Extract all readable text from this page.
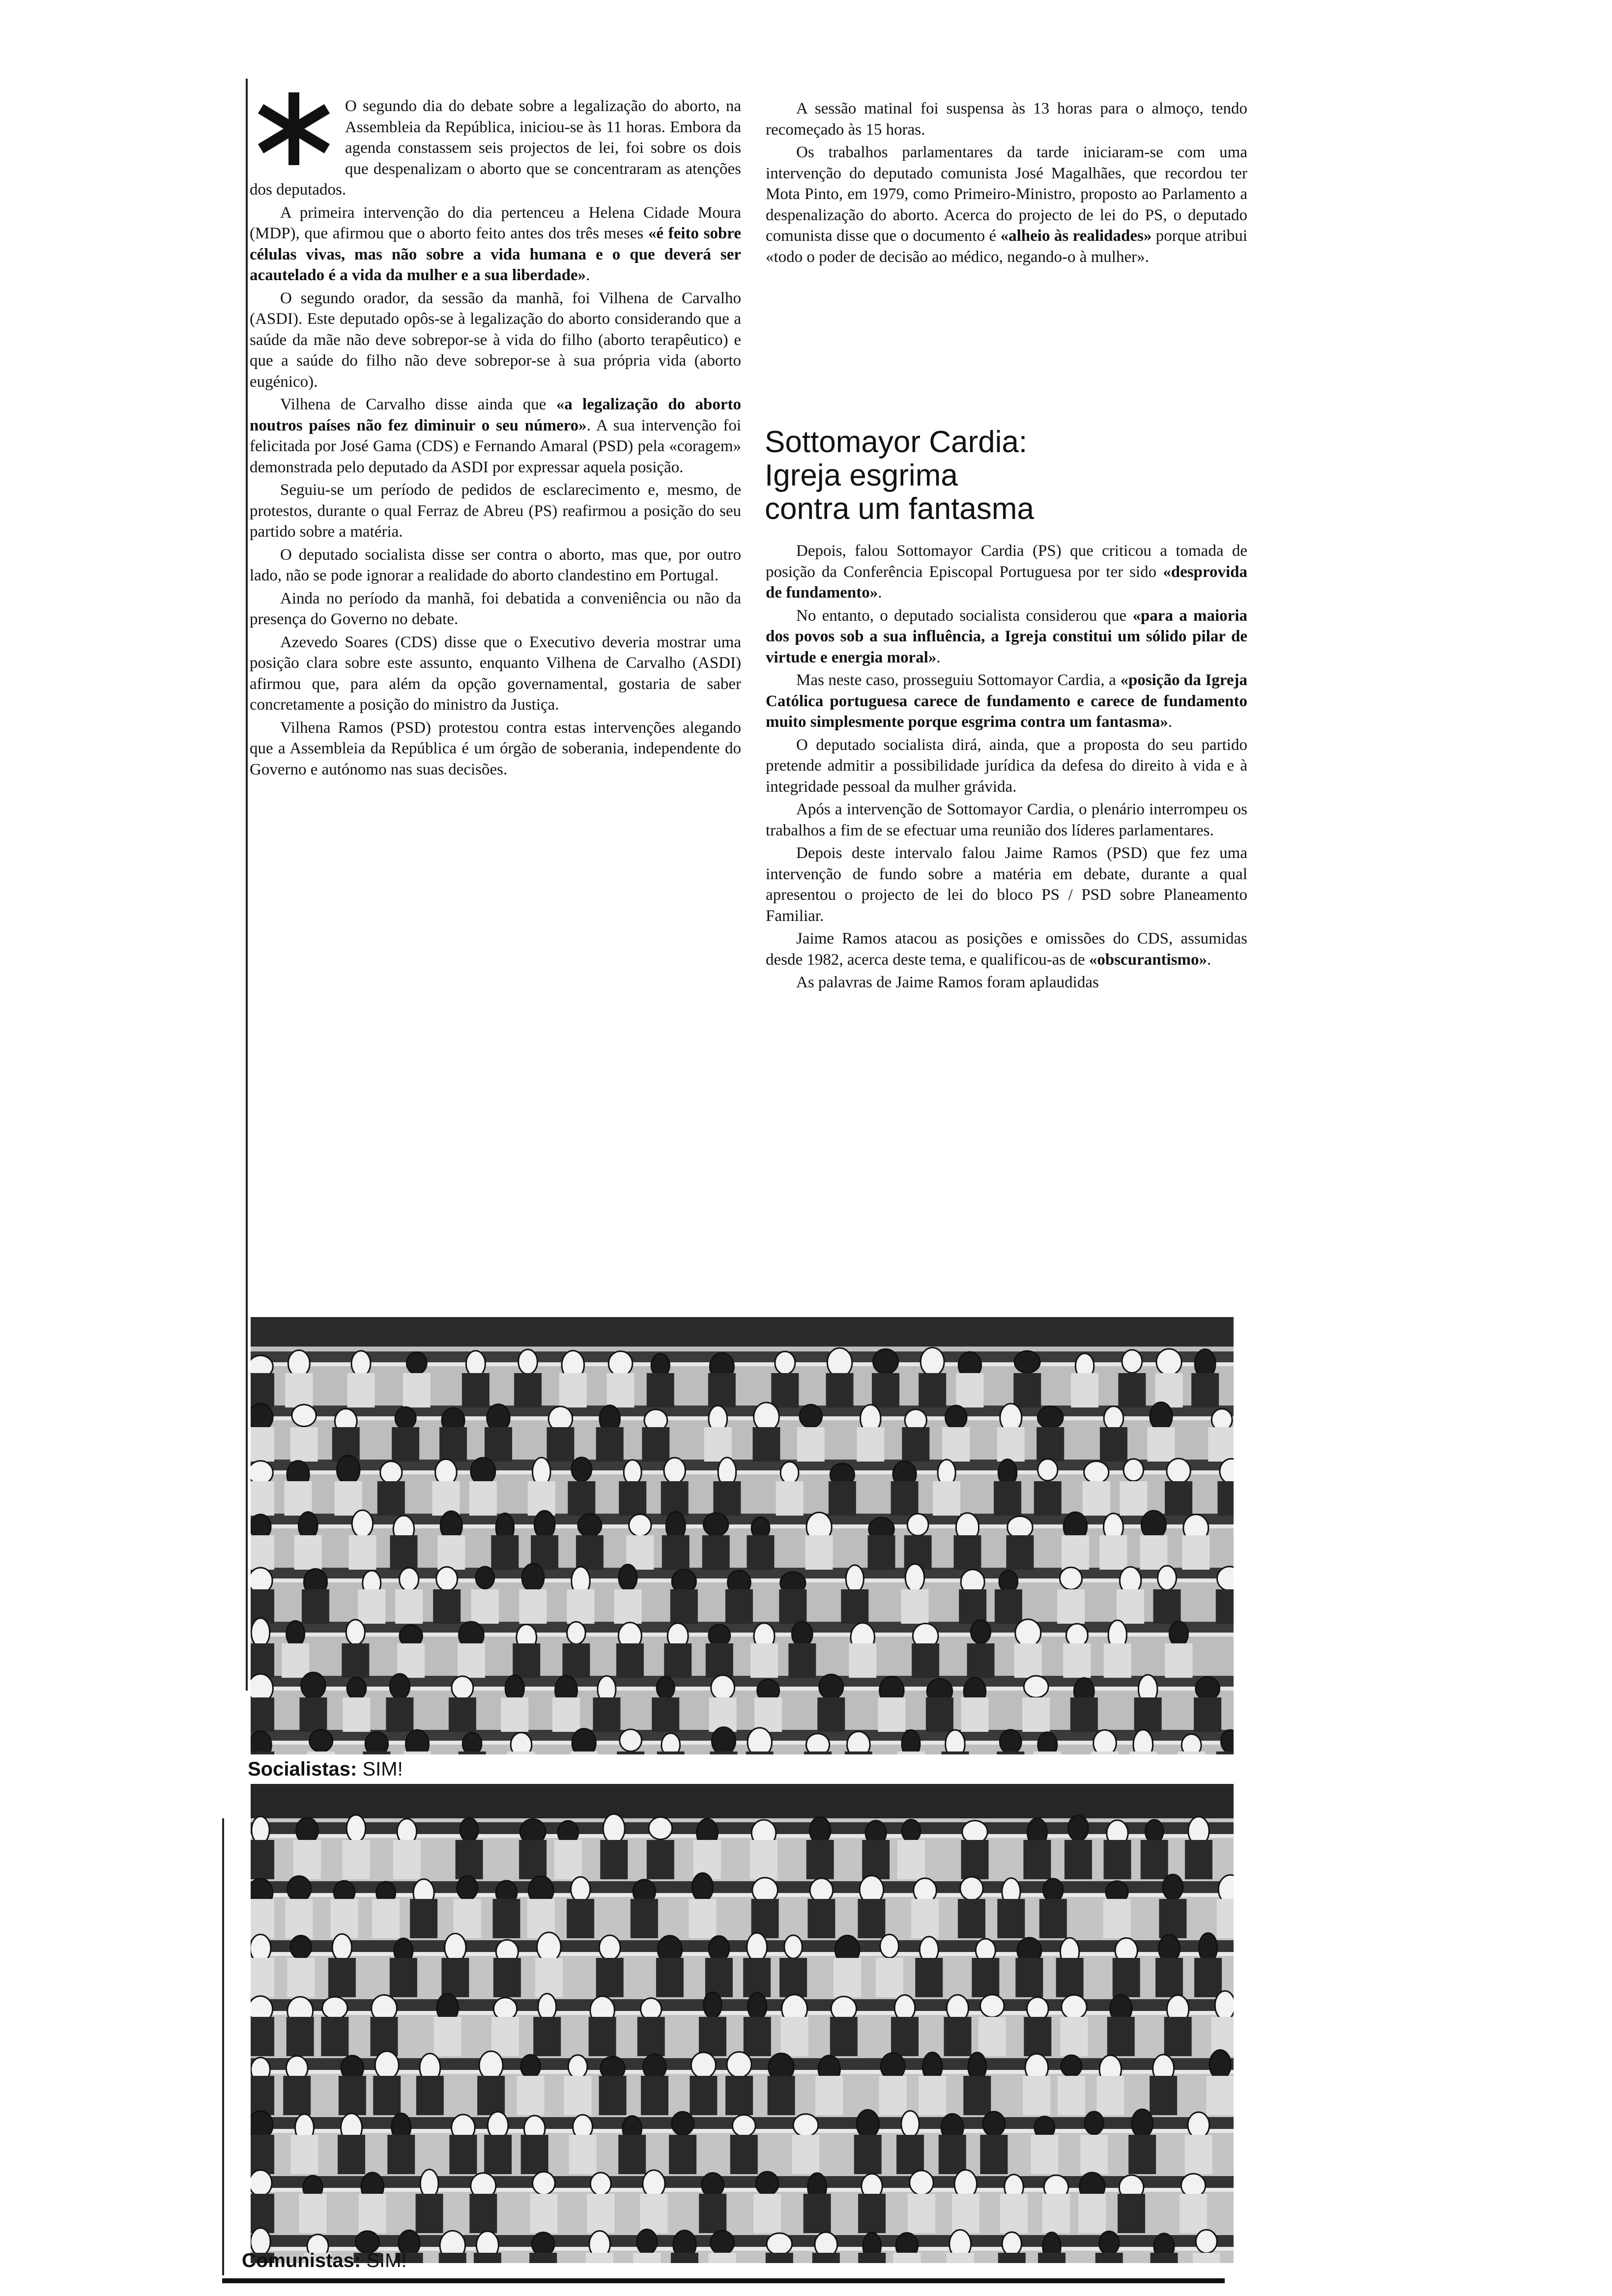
O segundo dia do debate sobre a legalização do aborto, na Assembleia da República, iniciou-se às 11 horas. Embora da agenda constassem seis projectos de lei, foi sobre os dois que despenalizam o aborto que se concentraram as atenções dos deputados.

A primeira intervenção do dia pertenceu a Helena Cidade Moura (MDP), que afirmou que o aborto feito antes dos três meses «é feito sobre células vivas, mas não sobre a vida humana e o que deverá ser acautelado é a vida da mulher e a sua liberdade».

O segundo orador, da sessão da manhã, foi Vilhena de Carvalho (ASDI). Este deputado opôs-se à legalização do aborto considerando que a saúde da mãe não deve sobrepor-se à vida do filho (aborto terapêutico) e que a saúde do filho não deve sobrepor-se à sua própria vida (aborto eugénico).

Vilhena de Carvalho disse ainda que «a legalização do aborto noutros países não fez diminuir o seu número». A sua intervenção foi felicitada por José Gama (CDS) e Fernando Amaral (PSD) pela «coragem» demonstrada pelo deputado da ASDI por expressar aquela posição.

Seguiu-se um período de pedidos de esclarecimento e, mesmo, de protestos, durante o qual Ferraz de Abreu (PS) reafirmou a posição do seu partido sobre a matéria.

O deputado socialista disse ser contra o aborto, mas que, por outro lado, não se pode ignorar a realidade do aborto clandestino em Portugal.

Ainda no período da manhã, foi debatida a conveniência ou não da presença do Governo no debate.

Azevedo Soares (CDS) disse que o Executivo deveria mostrar uma posição clara sobre este assunto, enquanto Vilhena de Carvalho (ASDI) afirmou que, para além da opção governamental, gostaria de saber concretamente a posição do ministro da Justiça.

Vilhena Ramos (PSD) protestou contra estas intervenções alegando que a Assembleia da República é um órgão de soberania, independente do Governo e autónomo nas suas decisões.

A sessão matinal foi suspensa às 13 horas para o almoço, tendo recomeçado às 15 horas.

Os trabalhos parlamentares da tarde iniciaram-se com uma intervenção do deputado comunista José Magalhães, que recordou ter Mota Pinto, em 1979, como Primeiro-Ministro, proposto ao Parlamento a despenalização do aborto. Acerca do projecto de lei do PS, o deputado comunista disse que o documento é «alheio às realidades» porque atribui «todo o poder de decisão ao médico, negando-o à mulher».

Sottomayor Cardia:
Igreja esgrima
contra um fantasma

Depois, falou Sottomayor Cardia (PS) que criticou a tomada de posição da Conferência Episcopal Portuguesa por ter sido «desprovida de fundamento».

No entanto, o deputado socialista considerou que «para a maioria dos povos sob a sua influência, a Igreja constitui um sólido pilar de virtude e energia moral».

Mas neste caso, prosseguiu Sottomayor Cardia, a «posição da Igreja Católica portuguesa carece de fundamento e carece de fundamento muito simplesmente porque esgrima contra um fantasma».

O deputado socialista dirá, ainda, que a proposta do seu partido pretende admitir a possibilidade jurídica da defesa do direito à vida e à integridade pessoal da mulher grávida.

Após a intervenção de Sottomayor Cardia, o plenário interrompeu os trabalhos a fim de se efectuar uma reunião dos líderes parlamentares.

Depois deste intervalo falou Jaime Ramos (PSD) que fez uma intervenção de fundo sobre a matéria em debate, durante a qual apresentou o projecto de lei do bloco PS / PSD sobre Planeamento Familiar.

Jaime Ramos atacou as posições e omissões do CDS, assumidas desde 1982, acerca deste tema, e qualificou-as de «obscurantismo».

As palavras de Jaime Ramos foram aplaudidas

Socialistas: SIM!
Comunistas: SIM!
